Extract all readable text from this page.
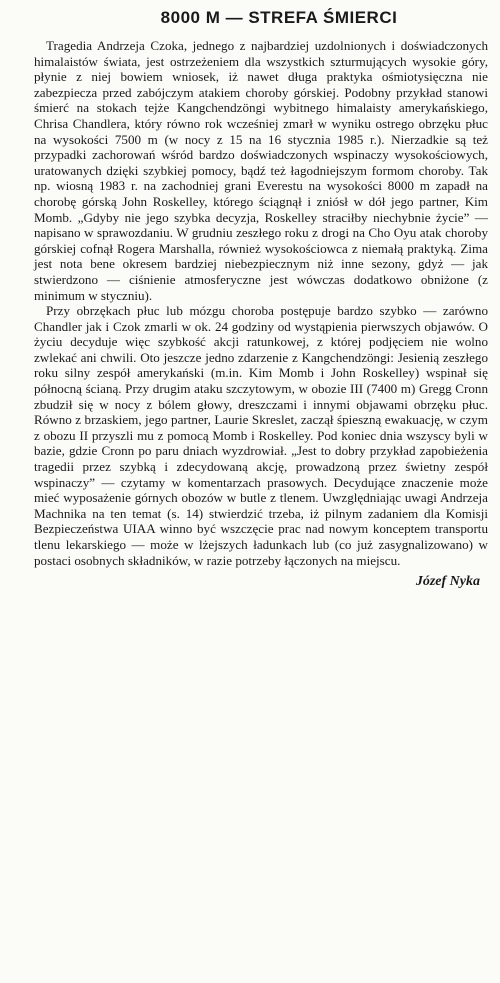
8000 M — STREFA ŚMIERCI

Tragedia Andrzeja Czoka, jednego z najbardziej uzdolnionych i doświadczonych himalaistów świata, jest ostrzeżeniem dla wszystkich szturmujących wysokie góry, płynie z niej bowiem wniosek, iż nawet długa praktyka ośmiotysięczna nie zabezpiecza przed zabójczym atakiem choroby górskiej. Podobny przykład stanowi śmierć na stokach tejże Kangchendzöngi wybitnego himalaisty amerykańskiego, Chrisa Chandlera, który równo rok wcześniej zmarł w wyniku ostrego obrzęku płuc na wysokości 7500 m (w nocy z 15 na 16 stycznia 1985 r.). Nierzadkie są też przypadki zachorowań wśród bardzo doświadczonych wspinaczy wysokościowych, uratowanych dzięki szybkiej pomocy, bądź też łagodniejszym formom choroby. Tak np. wiosną 1983 r. na zachodniej grani Everestu na wysokości 8000 m zapadł na chorobę górską John Roskelley, którego ściągnął i zniósł w dół jego partner, Kim Momb. „Gdyby nie jego szybka decyzja, Roskelley straciłby niechybnie życie” — napisano w sprawozdaniu. W grudniu zeszłego roku z drogi na Cho Oyu atak choroby górskiej cofnął Rogera Marshalla, również wysokościowca z niemałą praktyką. Zima jest nota bene okresem bardziej niebezpiecznym niż inne sezony, gdyż — jak stwierdzono — ciśnienie atmosferyczne jest wówczas dodatkowo obniżone (z minimum w styczniu).

Przy obrzękach płuc lub mózgu choroba postępuje bardzo szybko — zarówno Chandler jak i Czok zmarli w ok. 24 godziny od wystąpienia pierwszych objawów. O życiu decyduje więc szybkość akcji ratunkowej, z której podjęciem nie wolno zwlekać ani chwili. Oto jeszcze jedno zdarzenie z Kangchendzöngi: Jesienią zeszłego roku silny zespół amerykański (m.in. Kim Momb i John Roskelley) wspinał się północną ścianą. Przy drugim ataku szczytowym, w obozie III (7400 m) Gregg Cronn zbudził się w nocy z bólem głowy, dreszczami i innymi objawami obrzęku płuc. Równo z brzaskiem, jego partner, Laurie Skreslet, zaczął śpieszną ewakuację, w czym z obozu II przyszli mu z pomocą Momb i Roskelley. Pod koniec dnia wszyscy byli w bazie, gdzie Cronn po paru dniach wyzdrowiał. „Jest to dobry przykład zapobieżenia tragedii przez szybką i zdecydowaną akcję, prowadzoną przez świetny zespół wspinaczy” — czytamy w komentarzach prasowych. Decydujące znaczenie może mieć wyposażenie górnych obozów w butle z tlenem. Uwzględniając uwagi Andrzeja Machnika na ten temat (s. 14) stwierdzić trzeba, iż pilnym zadaniem dla Komisji Bezpieczeństwa UIAA winno być wszczęcie prac nad nowym konceptem transportu tlenu lekarskiego — może w lżejszych ładunkach lub (co już zasygnalizowano) w postaci osobnych składników, w razie potrzeby łączonych na miejscu.

Józef Nyka
